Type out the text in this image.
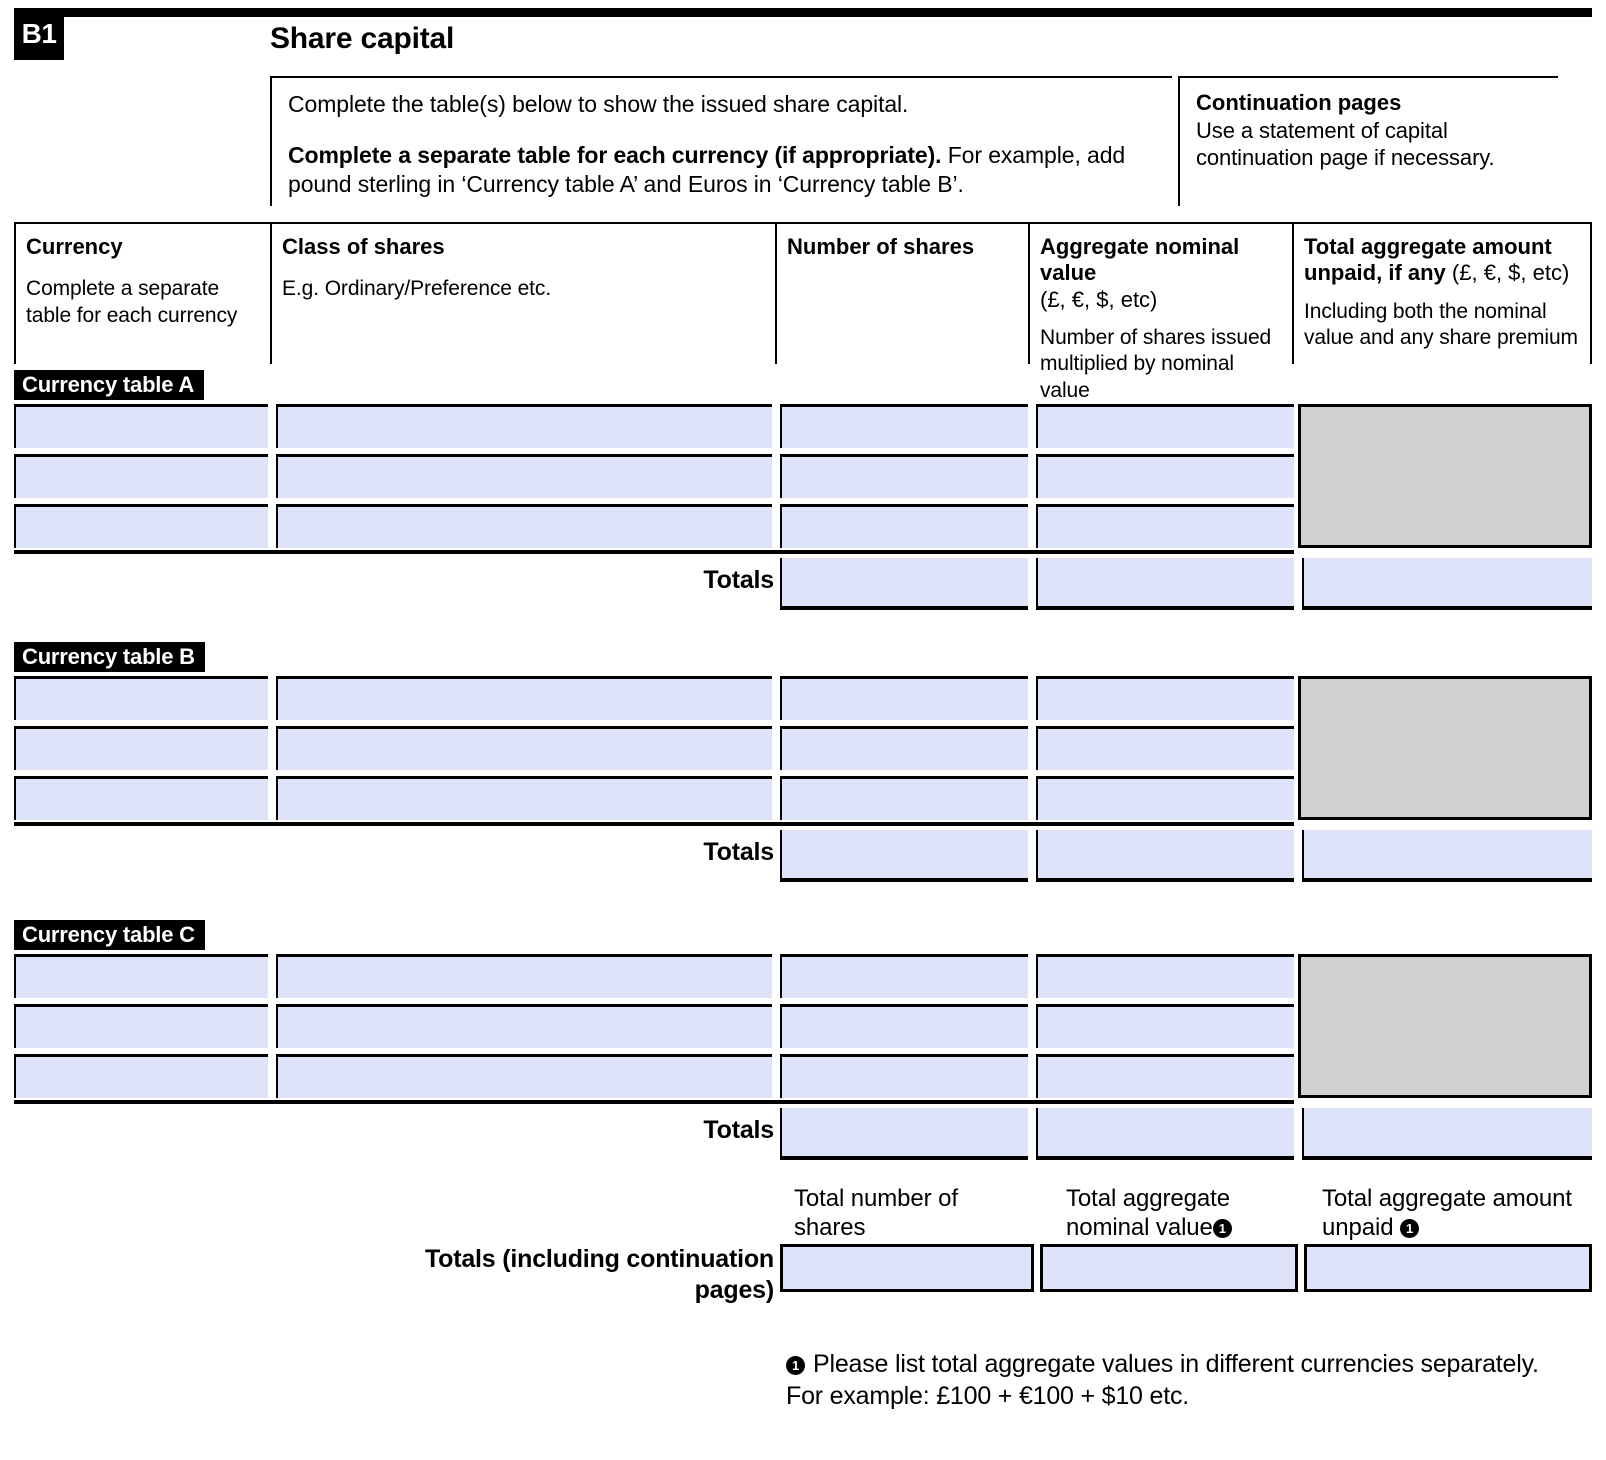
B1	Share capital
Complete the table(s) below to show the issued share capital.
Complete a separate table for each currency (if appropriate). For example, add pound sterling in ‘Currency table A’ and Euros in ‘Currency table B’.
Continuation pages
Use a statement of capital continuation page if necessary.
Currency
Complete a separate table for each currency
Class of shares
E.g. Ordinary/Preference etc.
Number of shares	Aggregate nominal value
(£, €, $, etc)
Number of shares issued multiplied by nominal value
Total aggregate amount unpaid, if any (£, €, $, etc)
Including both the nominal value and any share premium
Currency table A
Totals
Currency table B
Totals
Currency table C
Totals
Total number of shares
Total aggregate nominal value 1
Total aggregate amount unpaid 1
Totals (including continuation pages)
1 Please list total aggregate values in different currencies separately.
For example: £100 + €100 + $10 etc.
